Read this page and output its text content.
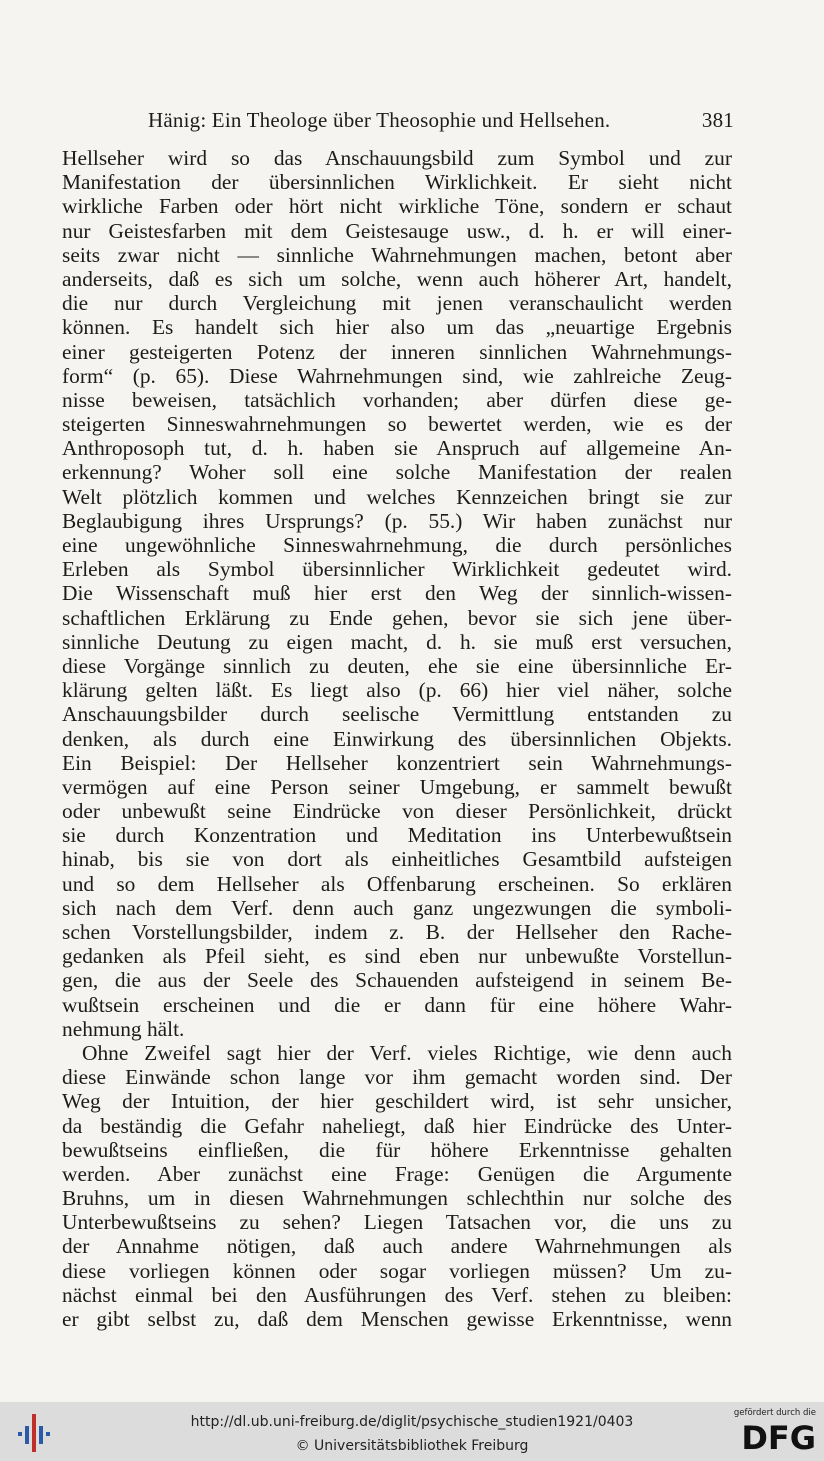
Hänig: Ein Theologe über Theosophie und Hellsehen.	381
Hellseher wird so das Anschauungsbild zum Symbol und zur
Manifestation der übersinnlichen Wirklichkeit. Er sieht nicht
wirkliche Farben oder hört nicht wirkliche Töne, sondern er schaut
nur Geistesfarben mit dem Geistesauge usw., d. h. er will einer-
seits zwar nicht — sinnliche Wahrnehmungen machen, betont aber
anderseits, daß es sich um solche, wenn auch höherer Art, handelt,
die nur durch Vergleichung mit jenen veranschaulicht werden
können. Es handelt sich hier also um das „neuartige Ergebnis
einer gesteigerten Potenz der inneren sinnlichen Wahrnehmungs-
form“ (p. 65). Diese Wahrnehmungen sind, wie zahlreiche Zeug-
nisse beweisen, tatsächlich vorhanden; aber dürfen diese ge-
steigerten Sinneswahrnehmungen so bewertet werden, wie es der
Anthroposoph tut, d. h. haben sie Anspruch auf allgemeine An-
erkennung? Woher soll eine solche Manifestation der realen
Welt plötzlich kommen und welches Kennzeichen bringt sie zur
Beglaubigung ihres Ursprungs? (p. 55.) Wir haben zunächst nur
eine ungewöhnliche Sinneswahrnehmung, die durch persönliches
Erleben als Symbol übersinnlicher Wirklichkeit gedeutet wird.
Die Wissenschaft muß hier erst den Weg der sinnlich-wissen-
schaftlichen Erklärung zu Ende gehen, bevor sie sich jene über-
sinnliche Deutung zu eigen macht, d. h. sie muß erst versuchen,
diese Vorgänge sinnlich zu deuten, ehe sie eine übersinnliche Er-
klärung gelten läßt. Es liegt also (p. 66) hier viel näher, solche
Anschauungsbilder durch seelische Vermittlung entstanden zu
denken, als durch eine Einwirkung des übersinnlichen Objekts.
Ein Beispiel: Der Hellseher konzentriert sein Wahrnehmungs-
vermögen auf eine Person seiner Umgebung, er sammelt bewußt
oder unbewußt seine Eindrücke von dieser Persönlichkeit, drückt
sie durch Konzentration und Meditation ins Unterbewußtsein
hinab, bis sie von dort als einheitliches Gesamtbild aufsteigen
und so dem Hellseher als Offenbarung erscheinen. So erklären
sich nach dem Verf. denn auch ganz ungezwungen die symboli-
schen Vorstellungsbilder, indem z. B. der Hellseher den Rache-
gedanken als Pfeil sieht, es sind eben nur unbewußte Vorstellun-
gen, die aus der Seele des Schauenden aufsteigend in seinem Be-
wußtsein erscheinen und die er dann für eine höhere Wahr-
nehmung hält.
Ohne Zweifel sagt hier der Verf. vieles Richtige, wie denn auch
diese Einwände schon lange vor ihm gemacht worden sind. Der
Weg der Intuition, der hier geschildert wird, ist sehr unsicher,
da beständig die Gefahr naheliegt, daß hier Eindrücke des Unter-
bewußtseins einfließen, die für höhere Erkenntnisse gehalten
werden. Aber zunächst eine Frage: Genügen die Argumente
Bruhns, um in diesen Wahrnehmungen schlechthin nur solche des
Unterbewußtseins zu sehen? Liegen Tatsachen vor, die uns zu
der Annahme nötigen, daß auch andere Wahrnehmungen als
diese vorliegen können oder sogar vorliegen müssen? Um zu-
nächst einmal bei den Ausführungen des Verf. stehen zu bleiben:
er gibt selbst zu, daß dem Menschen gewisse Erkenntnisse, wenn
http://dl.ub.uni-freiburg.de/diglit/psychische_studien1921/0403
© Universitätsbibliothek Freiburg
gefördert durch die
DFG
